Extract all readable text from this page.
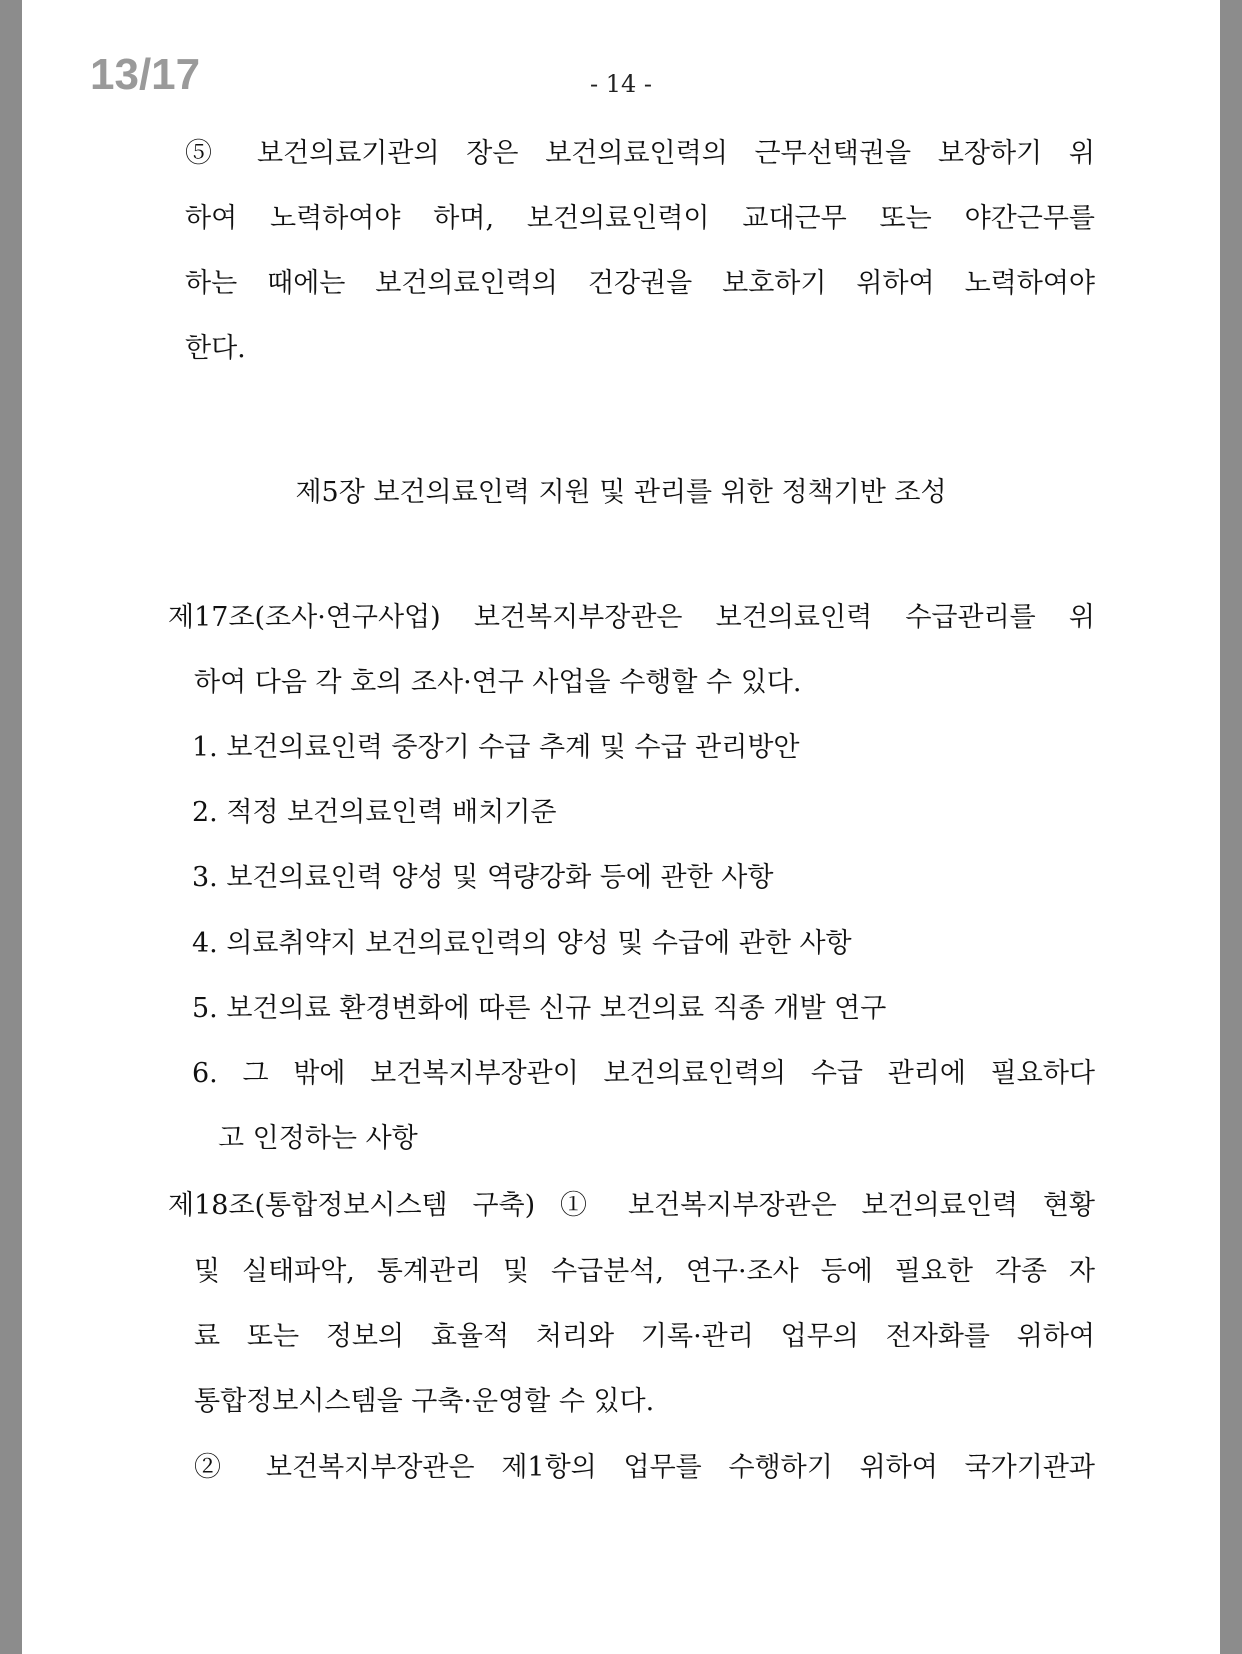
13/17	- 14 -
⑤ 보건의료기관의 장은 보건의료인력의 근무선택권을 보장하기 위
하여 노력하여야 하며, 보건의료인력이 교대근무 또는 야간근무를
하는 때에는 보건의료인력의 건강권을 보호하기 위하여 노력하여야
한다.
제5장 보건의료인력 지원 및 관리를 위한 정책기반 조성
제17조(조사·연구사업) 보건복지부장관은 보건의료인력 수급관리를 위
하여 다음 각 호의 조사·연구 사업을 수행할 수 있다.
1. 보건의료인력 중장기 수급 추계 및 수급 관리방안
2. 적정 보건의료인력 배치기준
3. 보건의료인력 양성 및 역량강화 등에 관한 사항
4. 의료취약지 보건의료인력의 양성 및 수급에 관한 사항
5. 보건의료 환경변화에 따른 신규 보건의료 직종 개발 연구
6. 그 밖에 보건복지부장관이 보건의료인력의 수급 관리에 필요하다
고 인정하는 사항
제18조(통합정보시스템 구축) ① 보건복지부장관은 보건의료인력 현황
및 실태파악, 통계관리 및 수급분석, 연구·조사 등에 필요한 각종 자
료 또는 정보의 효율적 처리와 기록·관리 업무의 전자화를 위하여
통합정보시스템을 구축·운영할 수 있다.
② 보건복지부장관은 제1항의 업무를 수행하기 위하여 국가기관과
